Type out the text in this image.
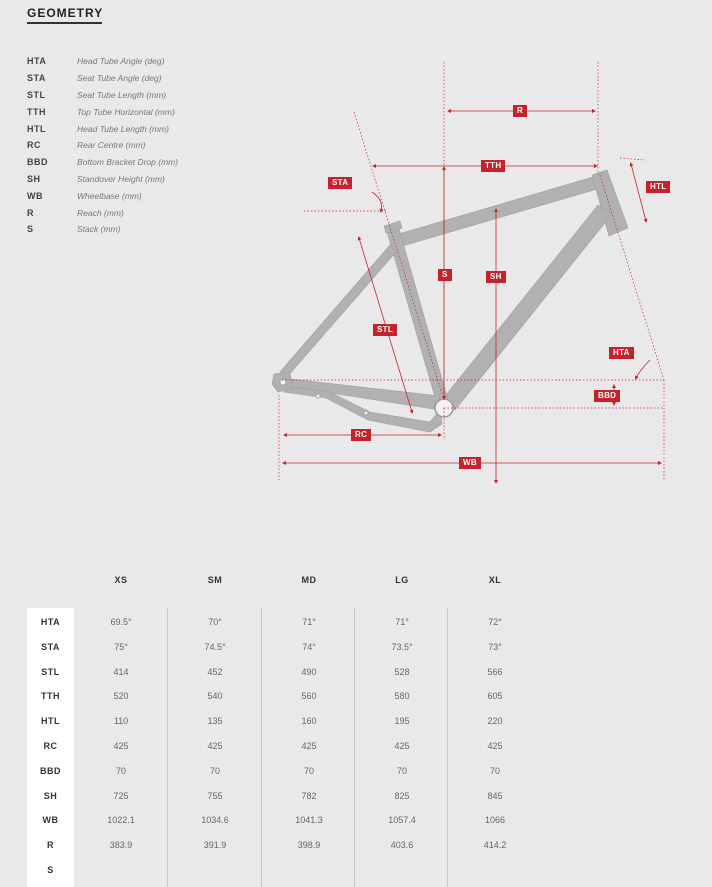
GEOMETRY
HTA	Head Tube Angle (deg)
STA	Seat Tube Angle (deg)
STL	Seat Tube Length (mm)
TTH	Top Tube Horizontal (mm)
HTL	Head Tube Length (mm)
RC	Rear Centre (mm)
BBD	Bottom Bracket Drop (mm)
SH	Standover Height (mm)
WB	Wheelbase (mm)
R	Reach (mm)
S	Stack (mm)
R
TTH
STA	HTL
S	SH
STL
HTA
BBD
RC
WB
XS	SM	MD	LG	XL
HTA	69.5°	70°	71°	71°	72°
STA	75°	74.5°	74°	73.5°	73°
STL	414	452	490	528	566
TTH	520	540	560	580	605
HTL	110	135	160	195	220
RC	425	425	425	425	425
BBD	70	70	70	70	70
SH	725	755	782	825	845
WB	1022.1	1034.6	1041.3	1057.4	1066
R	383.9	391.9	398.9	403.6	414.2
S
